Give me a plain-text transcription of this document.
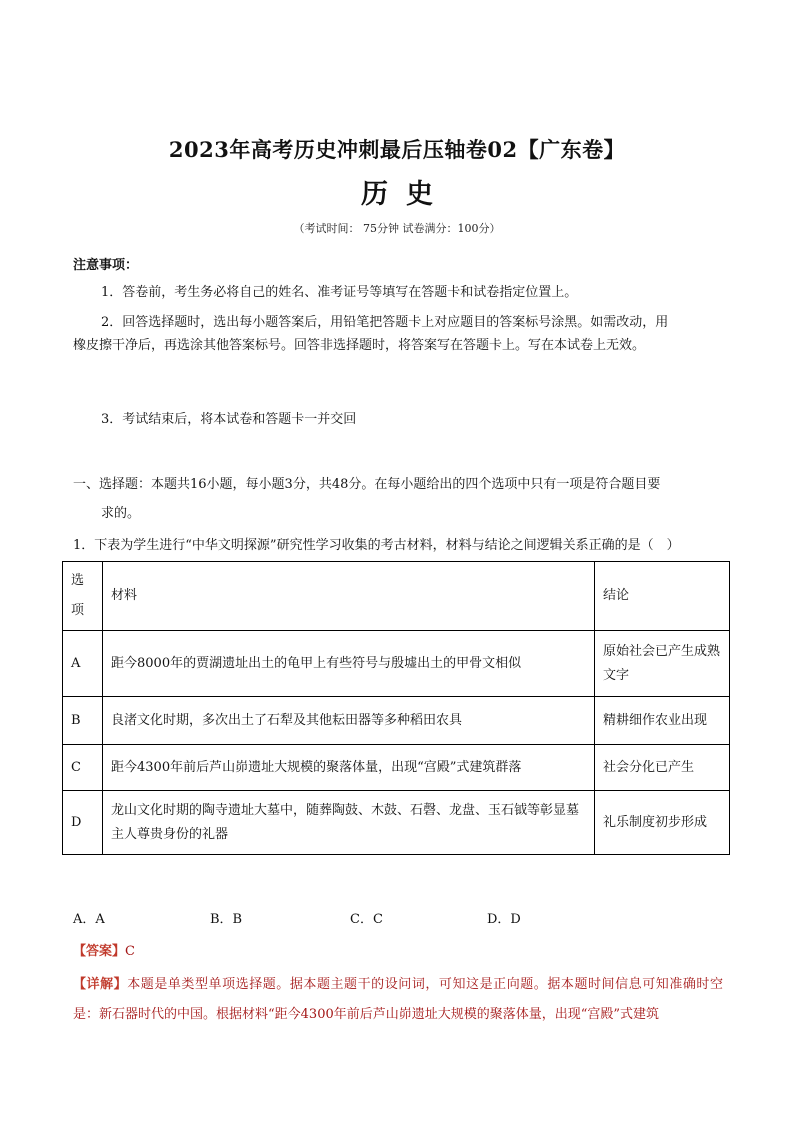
2023年高考历史冲刺最后压轴卷02【广东卷】
历史
（考试时间： 75分钟 试卷满分：100分）
注意事项：
1．答卷前，考生务必将自己的姓名、准考证号等填写在答题卡和试卷指定位置上。
2．回答选择题时，选出每小题答案后，用铅笔把答题卡上对应题目的答案标号涂黑。如需改动，用橡皮擦干净后，再选涂其他答案标号。回答非选择题时，将答案写在答题卡上。写在本试卷上无效。
3．考试结束后，将本试卷和答题卡一并交回
一、选择题：本题共16小题，每小题3分，共48分。在每小题给出的四个选项中只有一项是符合题目要
求的。
1．下表为学生进行“中华文明探源”研究性学习收集的考古材料，材料与结论之间逻辑关系正确的是（　）
选项	材料	结论
A	距今8000年的贾湖遗址出土的龟甲上有些符号与殷墟出土的甲骨文相似	原始社会已产生成熟文字
B	良渚文化时期，多次出土了石犁及其他耘田器等多种稻田农具	精耕细作农业出现
C	距今4300年前后芦山峁遗址大规模的聚落体量，出现“宫殿”式建筑群落	社会分化已产生
D	龙山文化时期的陶寺遗址大墓中，随葬陶鼓、木鼓、石磬、龙盘、玉石钺等彰显墓主人尊贵身份的礼器	礼乐制度初步形成
A．A	B．B	C．C	D．D
【答案】C
【详解】本题是单类型单项选择题。据本题主题干的设问词，可知这是正向题。据本题时间信息可知准确时空是：新石器时代的中国。根据材料“距今4300年前后芦山峁遗址大规模的聚落体量，出现“宫殿”式建筑
